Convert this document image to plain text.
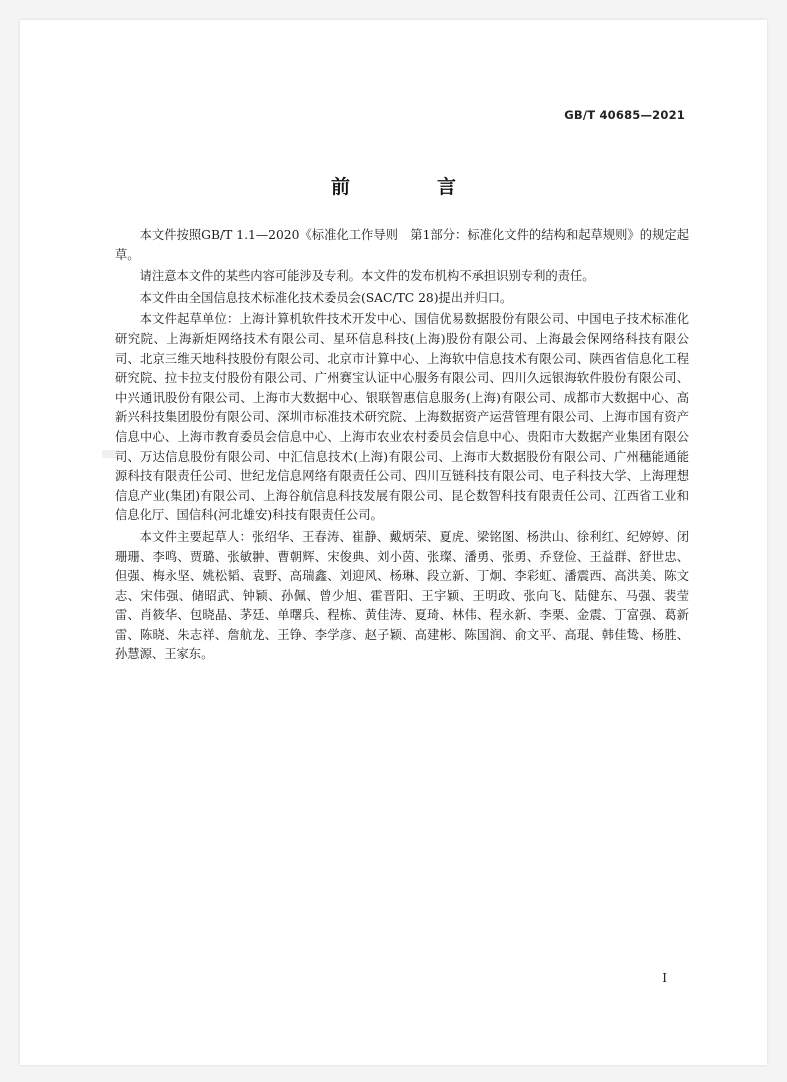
GB/T 40685—2021
前　言

本文件按照GB/T 1.1—2020《标准化工作导则　第1部分：标准化文件的结构和起草规则》的规定起草。

请注意本文件的某些内容可能涉及专利。本文件的发布机构不承担识别专利的责任。

本文件由全国信息技术标准化技术委员会(SAC/TC 28)提出并归口。

本文件起草单位：上海计算机软件技术开发中心、国信优易数据股份有限公司、中国电子技术标准化研究院、上海新炬网络技术有限公司、星环信息科技(上海)股份有限公司、上海最会保网络科技有限公司、北京三维天地科技股份有限公司、北京市计算中心、上海软中信息技术有限公司、陕西省信息化工程研究院、拉卡拉支付股份有限公司、广州赛宝认证中心服务有限公司、四川久远银海软件股份有限公司、中兴通讯股份有限公司、上海市大数据中心、银联智惠信息服务(上海)有限公司、成都市大数据中心、高新兴科技集团股份有限公司、深圳市标准技术研究院、上海数据资产运营管理有限公司、上海市国有资产信息中心、上海市教育委员会信息中心、上海市农业农村委员会信息中心、贵阳市大数据产业集团有限公司、万达信息股份有限公司、中汇信息技术(上海)有限公司、上海市大数据股份有限公司、广州穗能通能源科技有限责任公司、世纪龙信息网络有限责任公司、四川互链科技有限公司、电子科技大学、上海理想信息产业(集团)有限公司、上海谷航信息科技发展有限公司、昆仑数智科技有限责任公司、江西省工业和信息化厅、国信科(河北雄安)科技有限责任公司。

本文件主要起草人：张绍华、王春涛、崔静、戴炳荣、夏虎、梁铭图、杨洪山、徐利红、纪婷婷、闭珊珊、李鸣、贾璐、张敏翀、曹朝辉、宋俊典、刘小茵、张璨、潘勇、张勇、乔登俭、王益群、舒世忠、但强、梅永坚、姚松韬、袁野、高瑞鑫、刘迎风、杨琳、段立新、丁炯、李彩虹、潘震西、高洪美、陈文志、宋伟强、储昭武、钟颖、孙佩、曾少旭、霍晋阳、王宇颖、王明政、张向飞、陆健东、马强、裴莹雷、肖筱华、包晓晶、茅廷、单曙兵、程栋、黄佳涛、夏琦、林伟、程永新、李栗、金震、丁富强、葛新雷、陈晓、朱志祥、詹航龙、王铮、李学彦、赵子颖、高建彬、陈国润、俞文平、高琨、韩佳鸷、杨胜、孙慧源、王家东。

I
